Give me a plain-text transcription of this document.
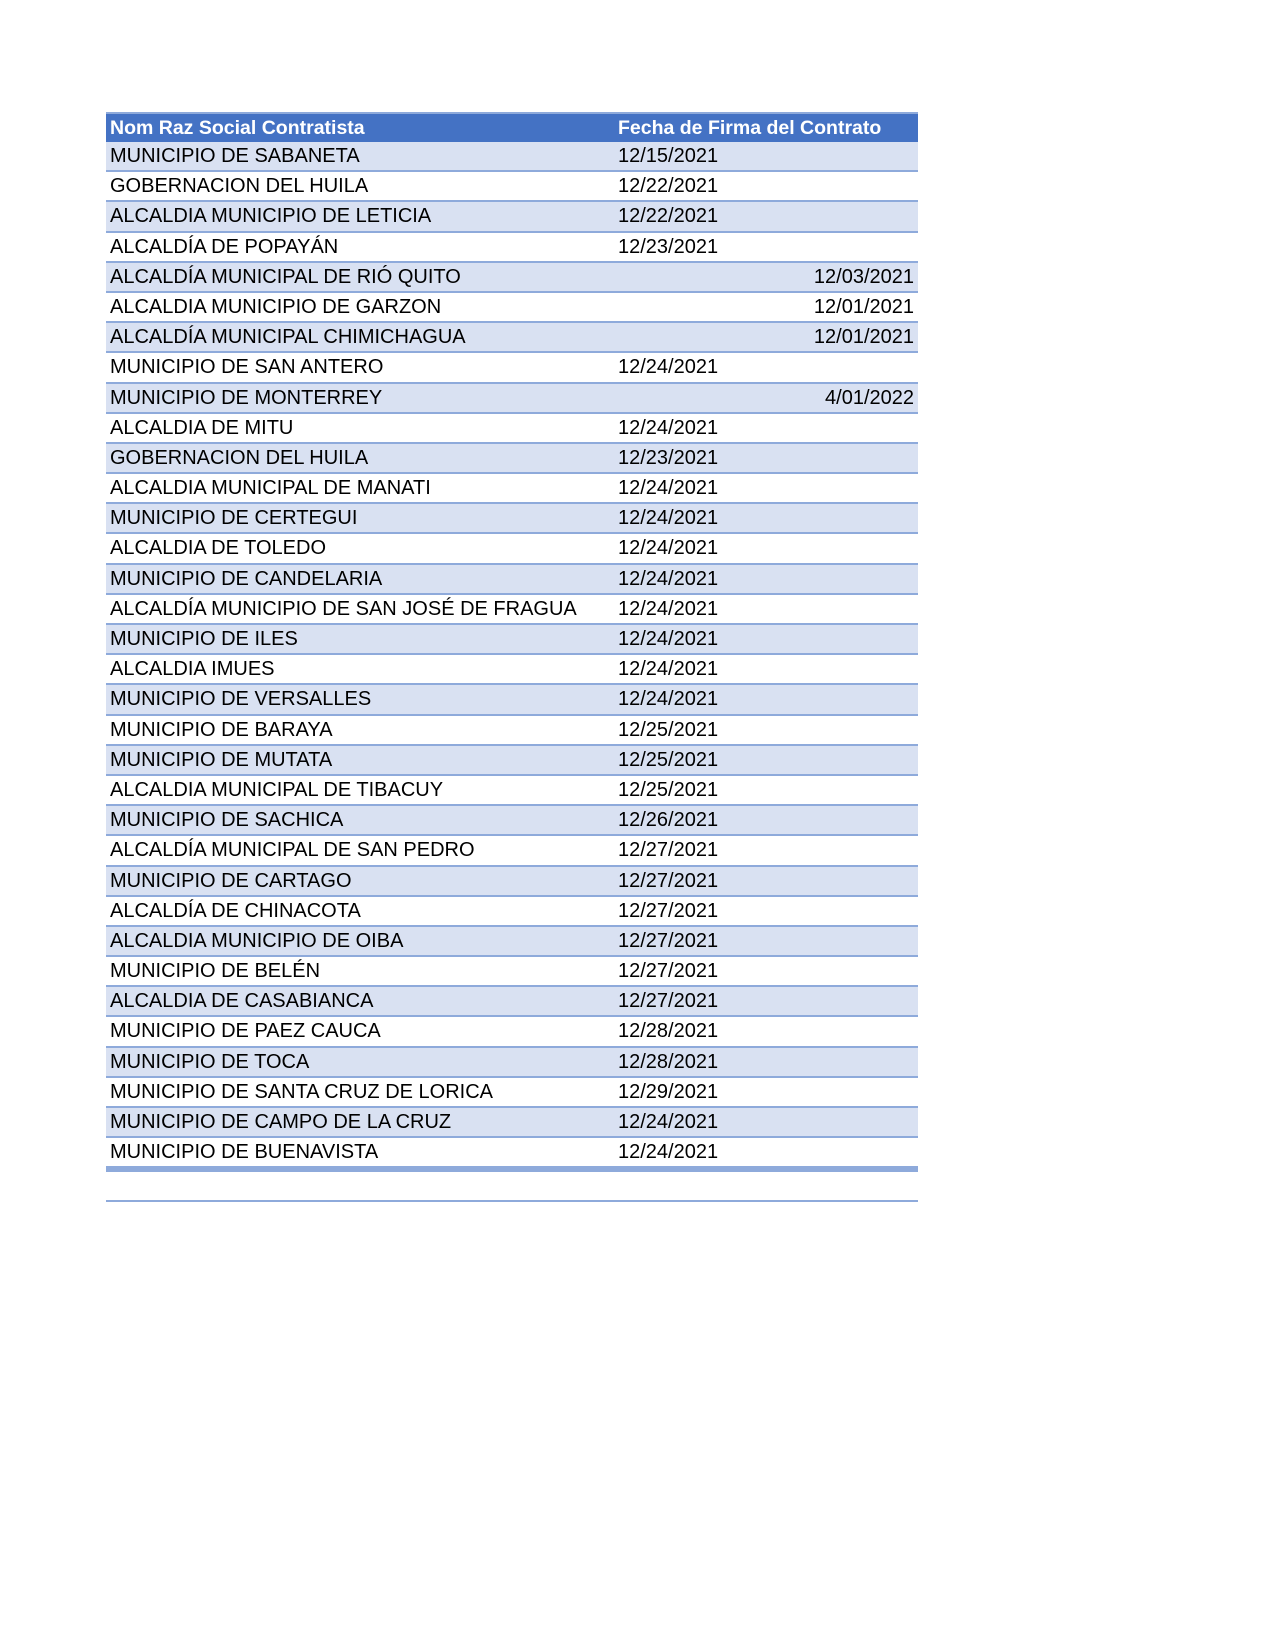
Nom Raz Social Contratista	Fecha de Firma del Contrato
MUNICIPIO DE SABANETA	12/15/2021
GOBERNACION DEL HUILA	12/22/2021
ALCALDIA MUNICIPIO DE LETICIA	12/22/2021
ALCALDÍA DE POPAYÁN	12/23/2021
ALCALDÍA MUNICIPAL DE RIÓ QUITO	12/03/2021
ALCALDIA MUNICIPIO DE GARZON	12/01/2021
ALCALDÍA MUNICIPAL CHIMICHAGUA	12/01/2021
MUNICIPIO DE SAN ANTERO	12/24/2021
MUNICIPIO DE MONTERREY	4/01/2022
ALCALDIA DE MITU	12/24/2021
GOBERNACION DEL HUILA	12/23/2021
ALCALDIA MUNICIPAL DE MANATI	12/24/2021
MUNICIPIO DE CERTEGUI	12/24/2021
ALCALDIA DE TOLEDO	12/24/2021
MUNICIPIO DE CANDELARIA	12/24/2021
ALCALDÍA MUNICIPIO DE SAN JOSÉ DE FRAGUA 12/24/2021
MUNICIPIO DE ILES	12/24/2021
ALCALDIA IMUES	12/24/2021
MUNICIPIO DE VERSALLES	12/24/2021
MUNICIPIO DE BARAYA	12/25/2021
MUNICIPIO DE MUTATA	12/25/2021
ALCALDIA MUNICIPAL DE TIBACUY	12/25/2021
MUNICIPIO DE SACHICA	12/26/2021
ALCALDÍA MUNICIPAL DE SAN PEDRO	12/27/2021
MUNICIPIO DE CARTAGO	12/27/2021
ALCALDÍA DE CHINACOTA	12/27/2021
ALCALDIA MUNICIPIO DE OIBA	12/27/2021
MUNICIPIO DE BELÉN	12/27/2021
ALCALDIA DE CASABIANCA	12/27/2021
MUNICIPIO DE PAEZ CAUCA	12/28/2021
MUNICIPIO DE TOCA	12/28/2021
MUNICIPIO DE SANTA CRUZ DE LORICA	12/29/2021
MUNICIPIO DE CAMPO DE LA CRUZ	12/24/2021
MUNICIPIO DE BUENAVISTA	12/24/2021
